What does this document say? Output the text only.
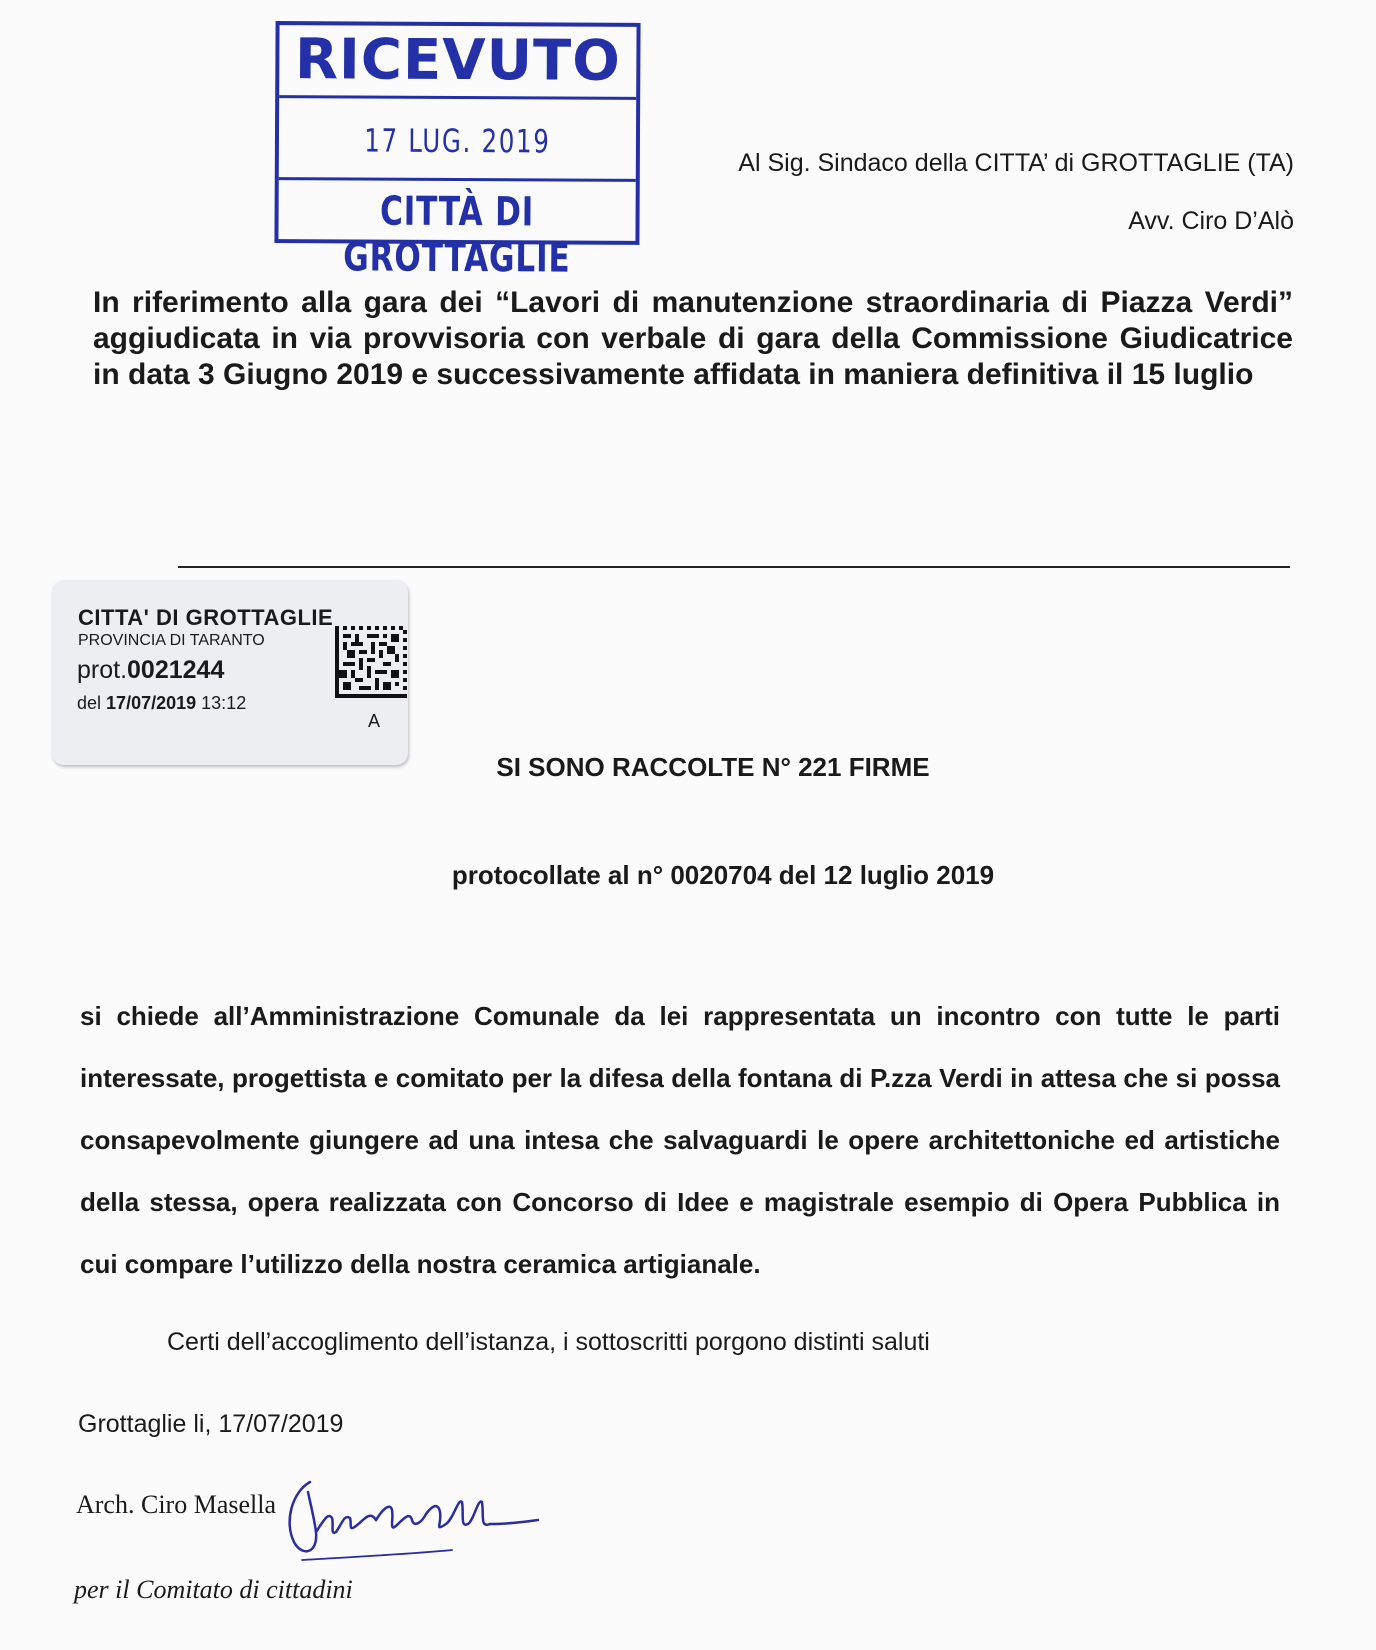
RICEVUTO
17 LUG. 2019
CITTÀ DI GROTTAGLIE
Al Sig. Sindaco della CITTA’ di GROTTAGLIE (TA)
Avv. Ciro D’Alò
In riferimento alla gara dei “Lavori di manutenzione straordinaria di Piazza Verdi” aggiudicata in via provvisoria con verbale di gara della Commissione Giudicatrice in data 3 Giugno 2019 e successivamente affidata in maniera definitiva il 15 luglio
CITTA' DI GROTTAGLIE
PROVINCIA DI TARANTO
prot.0021244
del 17/07/2019 13:12
A
SI SONO RACCOLTE N° 221 FIRME
protocollate al n° 0020704 del 12 luglio 2019
si chiede all’Amministrazione Comunale da lei rappresentata un incontro con tutte le parti interessate, progettista e comitato per la difesa della fontana di P.zza Verdi in attesa che si possa consapevolmente giungere ad una intesa che salvaguardi le opere architettoniche ed artistiche della stessa, opera realizzata con Concorso di Idee e magistrale esempio di Opera Pubblica in cui compare l’utilizzo della nostra ceramica artigianale.
Certi dell’accoglimento dell’istanza, i sottoscritti porgono distinti saluti
Grottaglie li, 17/07/2019
Arch. Ciro Masella
per il Comitato di cittadini
